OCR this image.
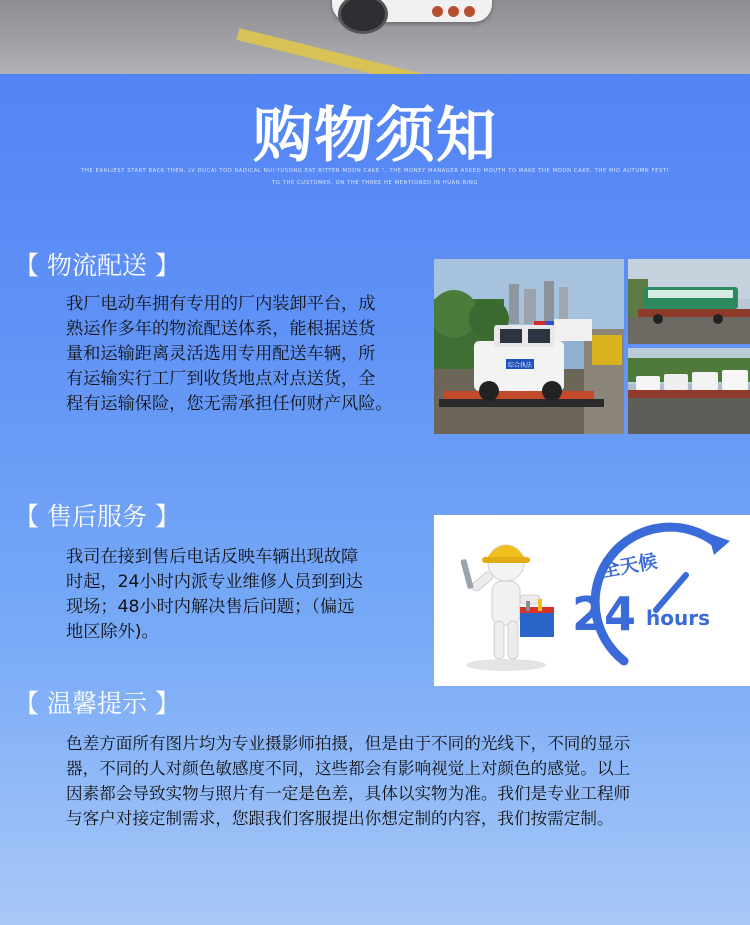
购物须知
THE EARLIEST START BACK THEN, LV DUCAI TOO RADICAL NUI-YUSONG EAT BITTER MOON CAKE ", THE MONEY MANAGER ASKED MOUTH TO MAKE THE MOON CAKE, THE MID AUTUMN FESTI
TO THE CUSTOMER, ON THE THREE HE MENTIONED IN HUAN-BING
【 物流配送 】
我厂电动车拥有专用的厂内装卸平台，成
熟运作多年的物流配送体系，能根据送货
量和运输距离灵活选用专用配送车辆，所
有运输实行工厂到收货地点对点送货，全
程有运输保险，您无需承担任何财产风险。
综合执法
【 售后服务 】
我司在接到售后电话反映车辆出现故障
时起，24小时内派专业维修人员到到达
现场；48小时内解决售后问题；（偏远
地区除外)。
全天候
24 hours
【 温馨提示 】
色差方面所有图片均为专业摄影师拍摄，但是由于不同的光线下，不同的显示
器，不同的人对颜色敏感度不同，这些都会有影响视觉上对颜色的感觉。以上
因素都会导致实物与照片有一定是色差，具体以实物为准。我们是专业工程师
与客户对接定制需求，您跟我们客服提出你想定制的内容，我们按需定制。
